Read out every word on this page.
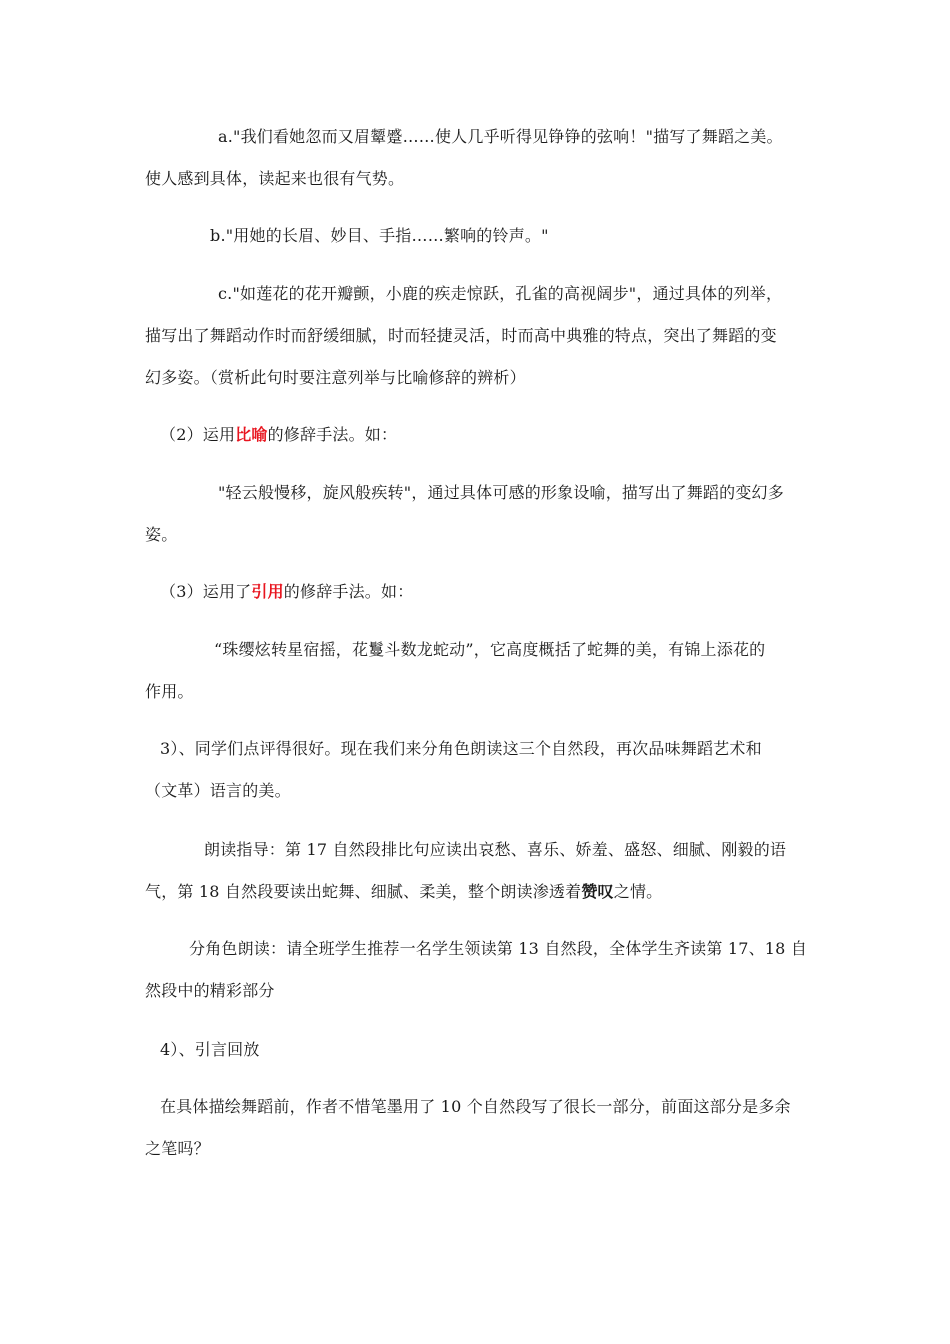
a."我们看她忽而又眉颦蹙……使人几乎听得见铮铮的弦响！"描写了舞蹈之美。
使人感到具体，读起来也很有气势。
b."用她的长眉、妙目、手指……繁响的铃声。"
c."如莲花的花开瓣颤，小鹿的疾走惊跃，孔雀的高视阔步"，通过具体的列举，
描写出了舞蹈动作时而舒缓细腻，时而轻捷灵活，时而高中典雅的特点，突出了舞蹈的变
幻多姿。（赏析此句时要注意列举与比喻修辞的辨析）
（2）运用比喻的修辞手法。如：
"轻云般慢移，旋风般疾转"，通过具体可感的形象设喻，描写出了舞蹈的变幻多
姿。
（3）运用了引用的修辞手法。如：
“珠缨炫转星宿摇，花鬘斗数龙蛇动”，它高度概括了蛇舞的美，有锦上添花的
作用。
3）、同学们点评得很好。现在我们来分角色朗读这三个自然段，再次品味舞蹈艺术和
（文革）语言的美。
朗读指导：第 17 自然段排比句应读出哀愁、喜乐、娇羞、盛怒、细腻、刚毅的语
气，第 18 自然段要读出蛇舞、细腻、柔美，整个朗读渗透着赞叹之情。
分角色朗读：请全班学生推荐一名学生领读第 13 自然段，全体学生齐读第 17、18 自
然段中的精彩部分
4）、引言回放
在具体描绘舞蹈前，作者不惜笔墨用了 10 个自然段写了很长一部分，前面这部分是多余
之笔吗？
